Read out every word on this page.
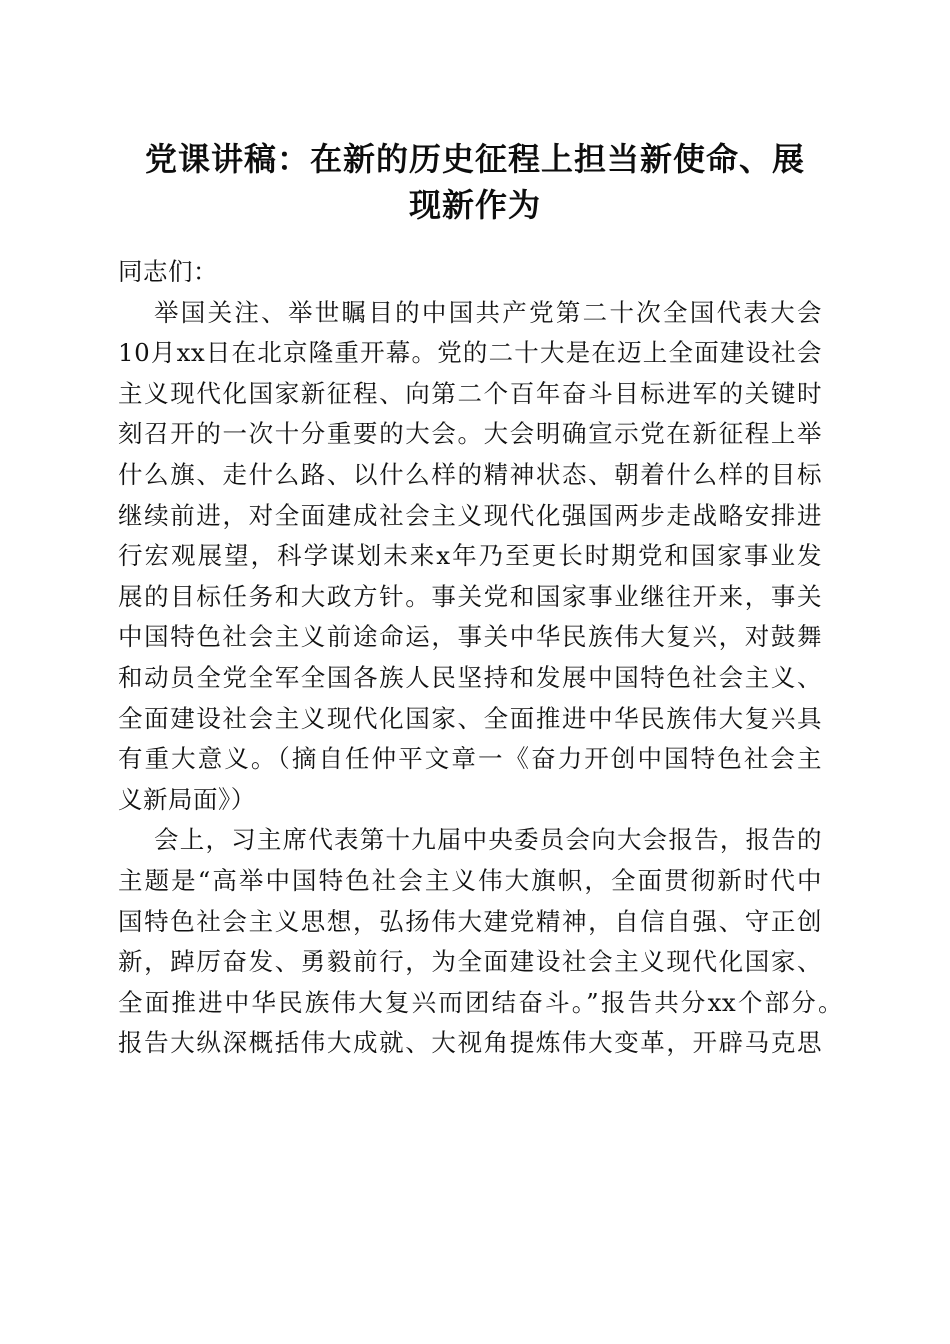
党课讲稿：在新的历史征程上担当新使命、展
现新作为
同志们：
举国关注、举世瞩目的中国共产党第二十次全国代表大会
10月xx日在北京隆重开幕。党的二十大是在迈上全面建设社会
主义现代化国家新征程、向第二个百年奋斗目标进军的关键时
刻召开的一次十分重要的大会。大会明确宣示党在新征程上举
什么旗、走什么路、以什么样的精神状态、朝着什么样的目标
继续前进，对全面建成社会主义现代化强国两步走战略安排进
行宏观展望，科学谋划未来x年乃至更长时期党和国家事业发
展的目标任务和大政方针。事关党和国家事业继往开来，事关
中国特色社会主义前途命运，事关中华民族伟大复兴，对鼓舞
和动员全党全军全国各族人民坚持和发展中国特色社会主义、
全面建设社会主义现代化国家、全面推进中华民族伟大复兴具
有重大意义。（摘自任仲平文章一《奋力开创中国特色社会主
义新局面》）
会上，习主席代表第十九届中央委员会向大会报告，报告的
主题是“高举中国特色社会主义伟大旗帜，全面贯彻新时代中
国特色社会主义思想，弘扬伟大建党精神，自信自强、守正创
新，踔厉奋发、勇毅前行，为全面建设社会主义现代化国家、
全面推进中华民族伟大复兴而团结奋斗。”报告共分xx个部分。
报告大纵深概括伟大成就、大视角提炼伟大变革，开辟马克思
